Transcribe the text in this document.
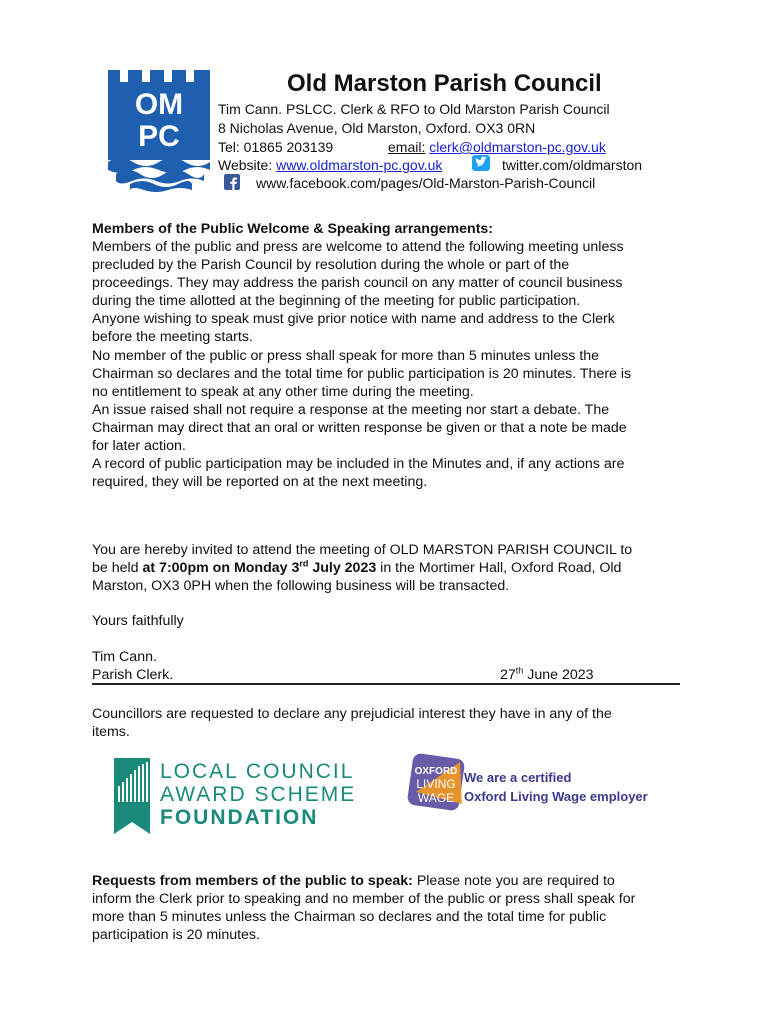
OM
PC
Old Marston Parish Council
Tim Cann. PSLCC. Clerk & RFO to Old Marston Parish Council
8 Nicholas Avenue, Old Marston, Oxford. OX3 0RN
Tel: 01865 203139	email: clerk@oldmarston-pc.gov.uk
Website: www.oldmarston-pc.gov.uk	twitter.com/oldmarston
www.facebook.com/pages/Old-Marston-Parish-Council
Members of the Public Welcome & Speaking arrangements:
Members of the public and press are welcome to attend the following meeting unless
precluded by the Parish Council by resolution during the whole or part of the
proceedings. They may address the parish council on any matter of council business
during the time allotted at the beginning of the meeting for public participation.
Anyone wishing to speak must give prior notice with name and address to the Clerk
before the meeting starts.
No member of the public or press shall speak for more than 5 minutes unless the
Chairman so declares and the total time for public participation is 20 minutes. There is
no entitlement to speak at any other time during the meeting.
An issue raised shall not require a response at the meeting nor start a debate. The
Chairman may direct that an oral or written response be given or that a note be made
for later action.
A record of public participation may be included in the Minutes and, if any actions are
required, they will be reported on at the next meeting.
You are hereby invited to attend the meeting of OLD MARSTON PARISH COUNCIL to
be held at 7:00pm on Monday 3rd July 2023 in the Mortimer Hall, Oxford Road, Old
Marston, OX3 0PH when the following business will be transacted.
Yours faithfully
Tim Cann.
Parish Clerk.	27th June 2023
Councillors are requested to declare any prejudicial interest they have in any of the
items.
LOCAL COUNCIL
AWARD SCHEME
FOUNDATION
OXFORD
LIVING
WAGE
We are a certified
Oxford Living Wage employer
Requests from members of the public to speak: Please note you are required to
inform the Clerk prior to speaking and no member of the public or press shall speak for
more than 5 minutes unless the Chairman so declares and the total time for public
participation is 20 minutes.
